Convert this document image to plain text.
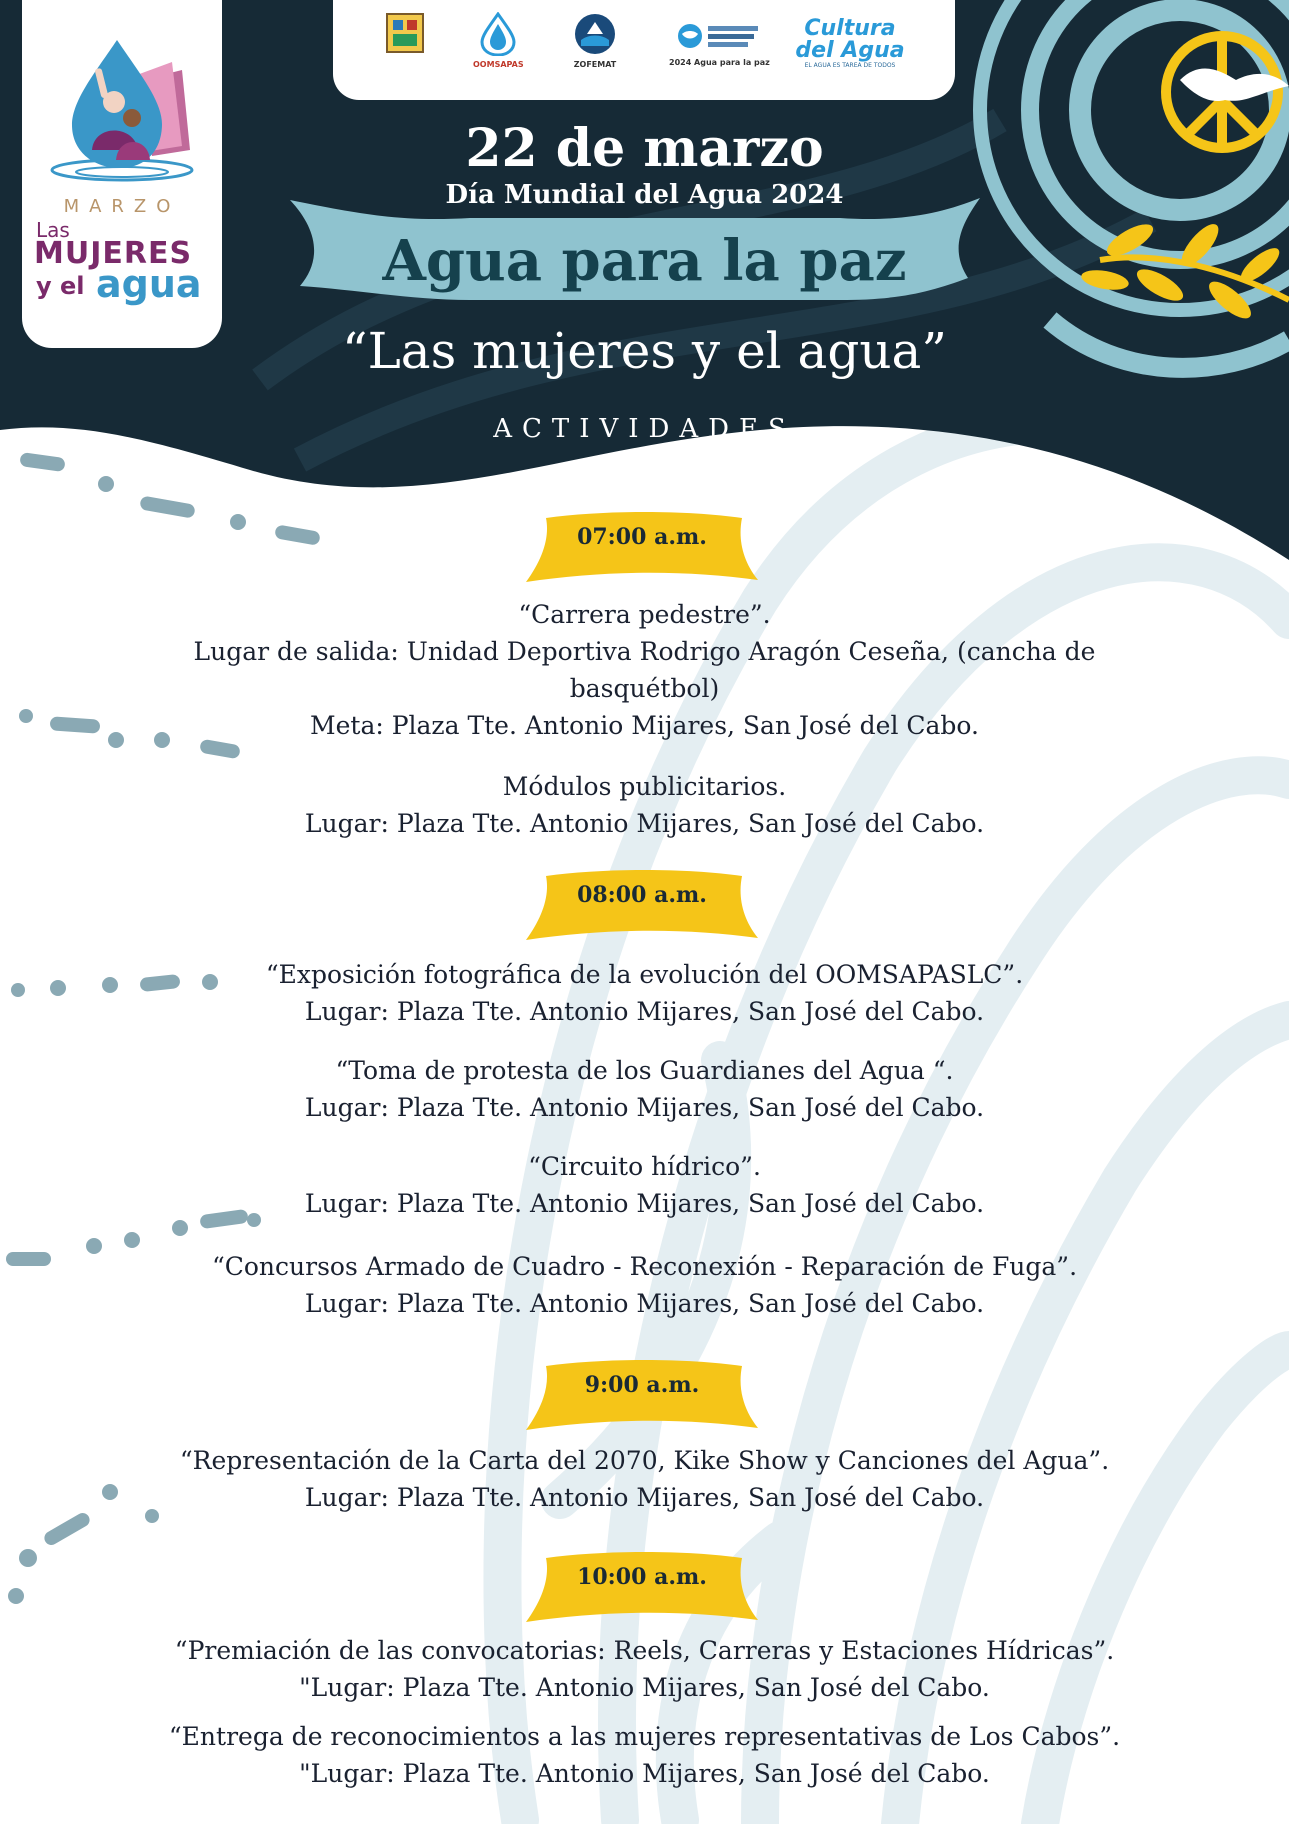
MARZO
Las
MUJERES
y el agua
OOMSAPAS	ZOFEMAT	2024 Agua para la paz
Cultura del Agua
EL AGUA ES TAREA DE TODOS
22 de marzo
Día Mundial del Agua 2024
Agua para la paz
“Las mujeres y el agua”
ACTIVIDADES
07:00 a.m.
“Carrera pedestre”.
Lugar de salida: Unidad Deportiva Rodrigo Aragón Ceseña, (cancha de
basquétbol)
Meta: Plaza Tte. Antonio Mijares, San José del Cabo.
Módulos publicitarios.
Lugar: Plaza Tte. Antonio Mijares, San José del Cabo.
08:00 a.m.
“Exposición fotográfica de la evolución del OOMSAPASLC”.
Lugar: Plaza Tte. Antonio Mijares, San José del Cabo.
“Toma de protesta de los Guardianes del Agua “.
Lugar: Plaza Tte. Antonio Mijares, San José del Cabo.
“Circuito hídrico”.
Lugar: Plaza Tte. Antonio Mijares, San José del Cabo.
“Concursos Armado de Cuadro - Reconexión - Reparación de Fuga”.
Lugar: Plaza Tte. Antonio Mijares, San José del Cabo.
9:00 a.m.
“Representación de la Carta del 2070, Kike Show y Canciones del Agua”.
Lugar: Plaza Tte. Antonio Mijares, San José del Cabo.
10:00 a.m.
“Premiación de las convocatorias: Reels, Carreras y Estaciones Hídricas”.
"Lugar: Plaza Tte. Antonio Mijares, San José del Cabo.
“Entrega de reconocimientos a las mujeres representativas de Los Cabos”.
"Lugar: Plaza Tte. Antonio Mijares, San José del Cabo.
